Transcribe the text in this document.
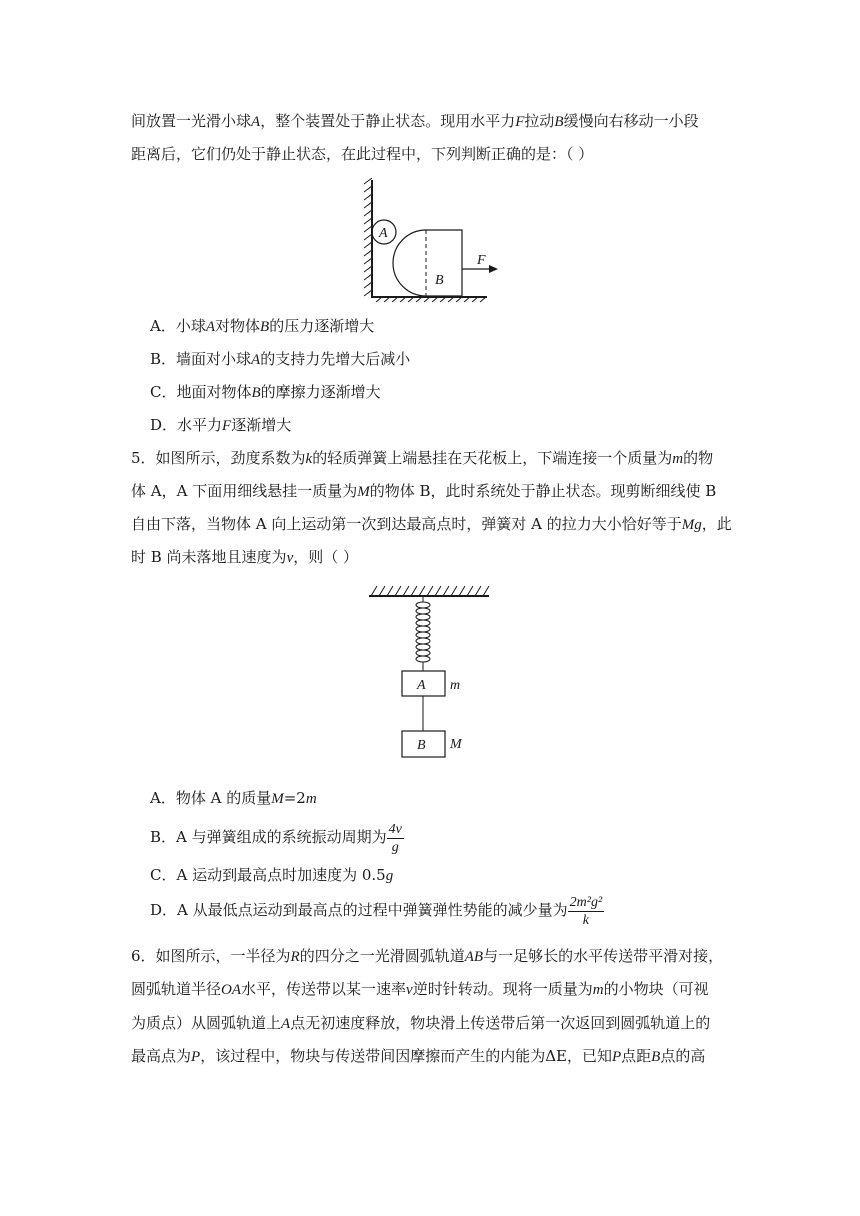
间放置一光滑小球A，整个装置处于静止状态。现用水平力F拉动B缓慢向右移动一小段
距离后，它们仍处于静止状态，在此过程中，下列判断正确的是：（ ）
A
B
F
A．小球A对物体B的压力逐渐增大
B．墙面对小球A的支持力先增大后减小
C．地面对物体B的摩擦力逐渐增大
D．水平力F逐渐增大
5．如图所示，劲度系数为k的轻质弹簧上端悬挂在天花板上，下端连接一个质量为m的物
体 A，A 下面用细线悬挂一质量为M的物体 B，此时系统处于静止状态。现剪断细线使 B
自由下落，当物体 A 向上运动第一次到达最高点时，弹簧对 A 的拉力大小恰好等于Mg，此
时 B 尚未落地且速度为v，则（ ）
A m
B M
A．物体 A 的质量M=2m
B．A 与弹簧组成的系统振动周期为 $\frac{4v}{g}$
C．A 运动到最高点时加速度为 0.5g
D．A 从最低点运动到最高点的过程中弹簧弹性势能的减少量为 $\frac{\text{2m²g²}}{k}$
6．如图所示，一半径为R的四分之一光滑圆弧轨道AB与一足够长的水平传送带平滑对接，
圆弧轨道半径OA水平，传送带以某一速率v逆时针转动。现将一质量为m的小物块（可视
为质点）从圆弧轨道上A点无初速度释放，物块滑上传送带后第一次返回到圆弧轨道上的
最高点为P，该过程中，物块与传送带间因摩擦而产生的内能为ΔE，已知P点距B点的高
